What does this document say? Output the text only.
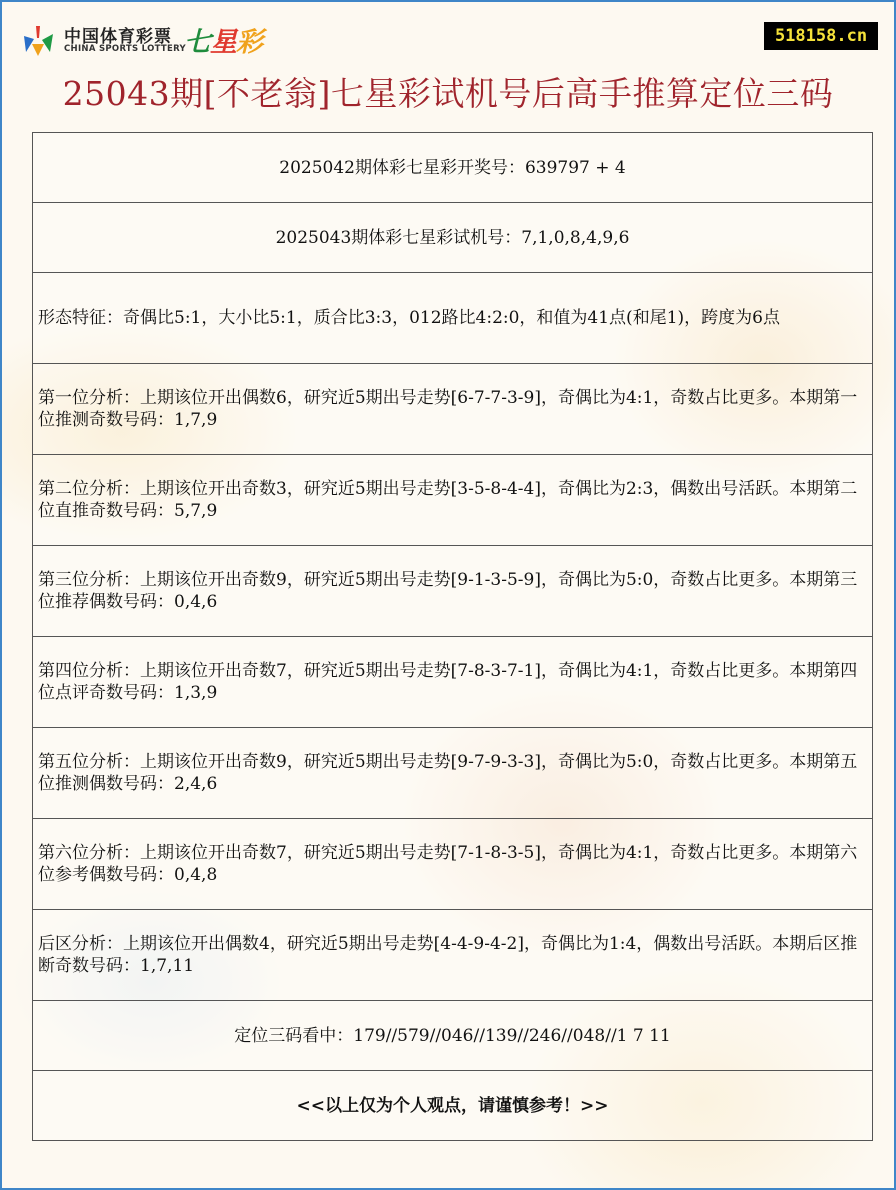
中国体育彩票
CHINA SPORTS LOTTERY
七星彩	518158.cn
25043期[不老翁]七星彩试机号后高手推算定位三码
2025042期体彩七星彩开奖号：639797 + 4
2025043期体彩七星彩试机号：7,1,0,8,4,9,6
形态特征：奇偶比5:1，大小比5:1，质合比3:3，012路比4:2:0，和值为41点(和尾1)，跨度为6点
第一位分析：上期该位开出偶数6，研究近5期出号走势[6-7-7-3-9]，奇偶比为4:1，奇数占比更多。本期第一位推测奇数号码：1,7,9
第二位分析：上期该位开出奇数3，研究近5期出号走势[3-5-8-4-4]，奇偶比为2:3，偶数出号活跃。本期第二位直推奇数号码：5,7,9
第三位分析：上期该位开出奇数9，研究近5期出号走势[9-1-3-5-9]，奇偶比为5:0，奇数占比更多。本期第三位推荐偶数号码：0,4,6
第四位分析：上期该位开出奇数7，研究近5期出号走势[7-8-3-7-1]，奇偶比为4:1，奇数占比更多。本期第四位点评奇数号码：1,3,9
第五位分析：上期该位开出奇数9，研究近5期出号走势[9-7-9-3-3]，奇偶比为5:0，奇数占比更多。本期第五位推测偶数号码：2,4,6
第六位分析：上期该位开出奇数7，研究近5期出号走势[7-1-8-3-5]，奇偶比为4:1，奇数占比更多。本期第六位参考偶数号码：0,4,8
后区分析：上期该位开出偶数4，研究近5期出号走势[4-4-9-4-2]，奇偶比为1:4，偶数出号活跃。本期后区推断奇数号码：1,7,11
定位三码看中：179//579//046//139//246//048//1 7 11
<<以上仅为个人观点，请谨慎参考！>>
